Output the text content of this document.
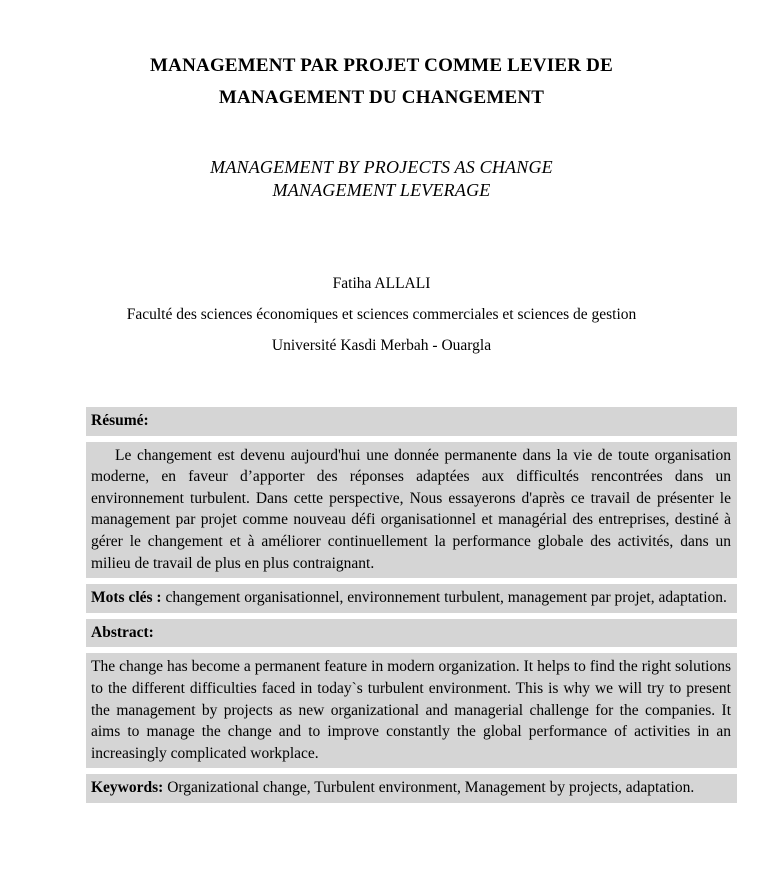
MANAGEMENT PAR PROJET COMME LEVIER DE
MANAGEMENT DU CHANGEMENT
MANAGEMENT BY PROJECTS AS CHANGE
MANAGEMENT LEVERAGE

Fatiha ALLALI

Faculté des sciences économiques et sciences commerciales et sciences de gestion

Université Kasdi Merbah - Ouargla

Résumé:

Le changement est devenu aujourd'hui une donnée permanente dans la vie de toute organisation moderne, en faveur d’apporter des réponses adaptées aux difficultés rencontrées dans un environnement turbulent. Dans cette perspective, Nous essayerons d'après ce travail de présenter le management par projet comme nouveau défi organisationnel et managérial des entreprises, destiné à gérer le changement et à améliorer continuellement la performance globale des activités, dans un milieu de travail de plus en plus contraignant.

Mots clés : changement organisationnel, environnement turbulent, management par projet, adaptation.

Abstract:

The change has become a permanent feature in modern organization. It helps to find the right solutions to the different difficulties faced in today`s turbulent environment. This is why we will try to present the management by projects as new organizational and managerial challenge for the companies. It aims to manage the change and to improve constantly the global performance of activities in an increasingly complicated workplace.

Keywords: Organizational change, Turbulent environment, Management by projects, adaptation.
